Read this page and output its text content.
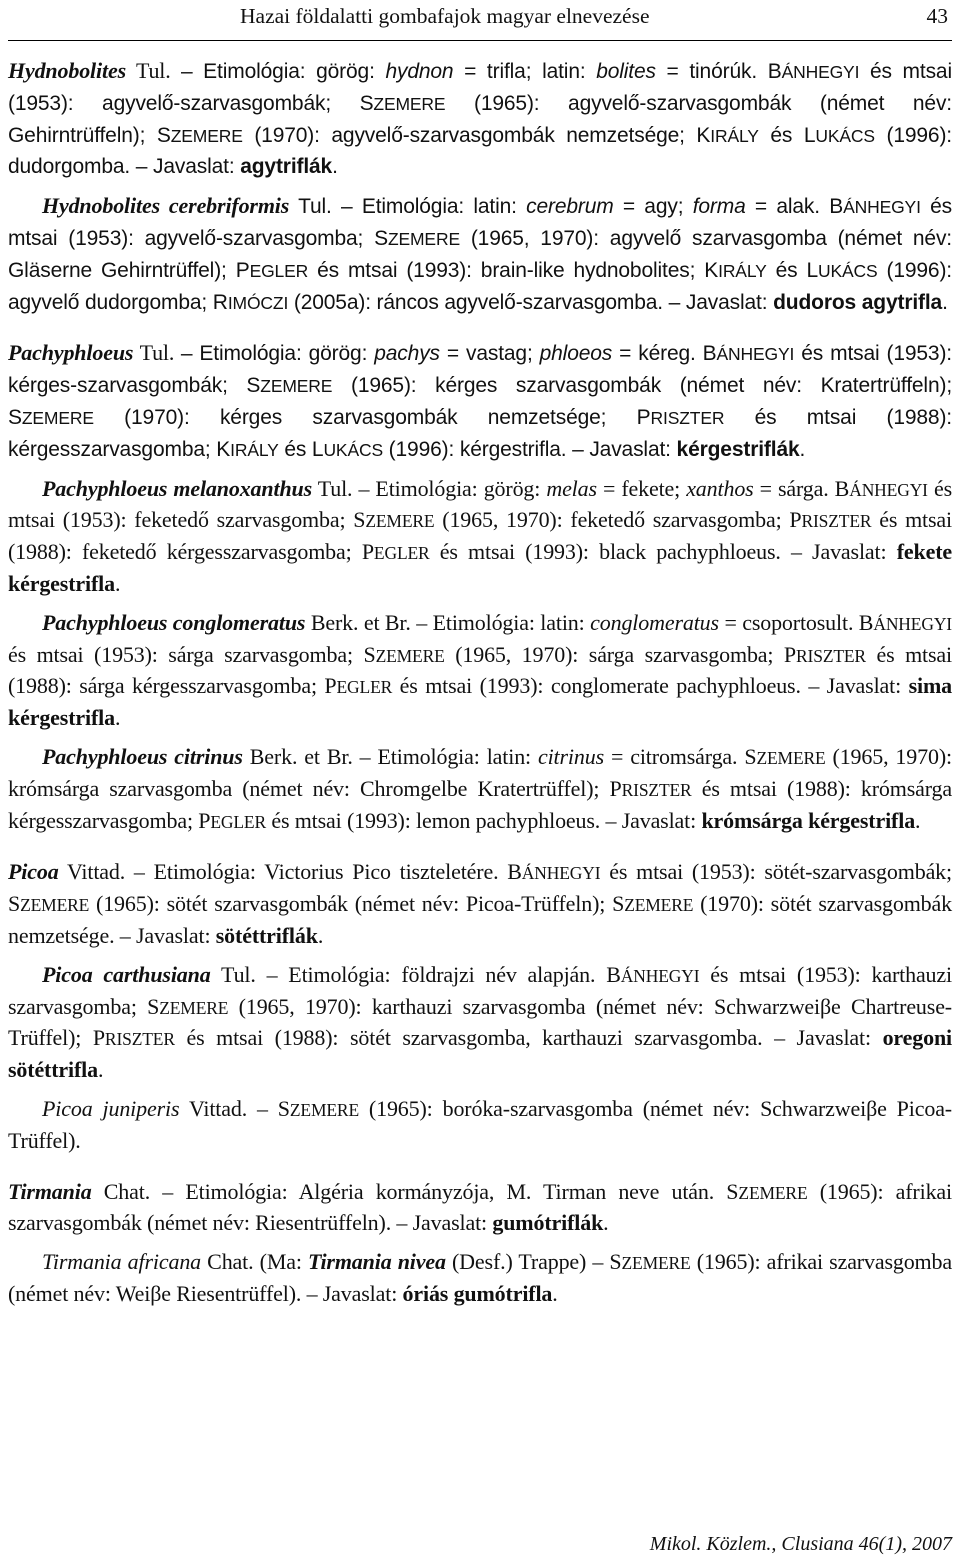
Hazai földalatti gombafajok magyar elnevezése	43

Hydnobolites Tul. – Etimológia: görög: hydnon = trifla; latin: bolites = tinórúk. BÁNHEGYI és mtsai (1953): agyvelő-szarvasgombák; SZEMERE (1965): agyvelő-szarvasgombák (német név: Gehirntrüffeln); SZEMERE (1970): agyvelő-szarvasgombák nemzetsége; KIRÁLY és LUKÁCS (1996): dudorgomba. – Javaslat: agytriflák.

Hydnobolites cerebriformis Tul. – Etimológia: latin: cerebrum = agy; forma = alak. BÁNHEGYI és mtsai (1953): agyvelő-szarvasgomba; SZEMERE (1965, 1970): agyvelő szarvasgomba (német név: Gläserne Gehirntrüffel); PEGLER és mtsai (1993): brain-like hydnobolites; KIRÁLY és LUKÁCS (1996): agyvelő dudorgomba; RIMÓCZI (2005a): ráncos agyvelő-szarvasgomba. – Javaslat: dudoros agytrifla.

Pachyphloeus Tul. – Etimológia: görög: pachys = vastag; phloeos = kéreg. BÁNHEGYI és mtsai (1953): kérges-szarvasgombák; SZEMERE (1965): kérges szarvasgombák (német név: Kratertrüffeln); SZEMERE (1970): kérges szarvasgombák nemzetsége; PRISZTER és mtsai (1988): kérgesszarvasgomba; KIRÁLY és LUKÁCS (1996): kérgestrifla. – Javaslat: kérgestriflák.

Pachyphloeus melanoxanthus Tul. – Etimológia: görög: melas = fekete; xanthos = sárga. BÁNHEGYI és mtsai (1953): feketedő szarvasgomba; SZEMERE (1965, 1970): feketedő szarvasgomba; PRISZTER és mtsai (1988): feketedő kérgesszarvasgomba; PEGLER és mtsai (1993): black pachyphloeus. – Javaslat: fekete kérgestrifla.

Pachyphloeus conglomeratus Berk. et Br. – Etimológia: latin: conglomeratus = csoportosult. BÁNHEGYI és mtsai (1953): sárga szarvasgomba; SZEMERE (1965, 1970): sárga szarvasgomba; PRISZTER és mtsai (1988): sárga kérgesszarvasgomba; PEGLER és mtsai (1993): conglomerate pachyphloeus. – Javaslat: sima kérgestrifla.

Pachyphloeus citrinus Berk. et Br. – Etimológia: latin: citrinus = citromsárga. SZEMERE (1965, 1970): krómsárga szarvasgomba (német név: Chromgelbe Kratertrüffel); PRISZTER és mtsai (1988): krómsárga kérgesszarvasgomba; PEGLER és mtsai (1993): lemon pachyphloeus. – Javaslat: krómsárga kérgestrifla.

Picoa Vittad. – Etimológia: Victorius Pico tiszteletére. BÁNHEGYI és mtsai (1953): sötét-szarvasgombák; SZEMERE (1965): sötét szarvasgombák (német név: Picoa-Trüffeln); SZEMERE (1970): sötét szarvasgombák nemzetsége. – Javaslat: sötéttriflák.

Picoa carthusiana Tul. – Etimológia: földrajzi név alapján. BÁNHEGYI és mtsai (1953): karthauzi szarvasgomba; SZEMERE (1965, 1970): karthauzi szarvasgomba (német név: Schwarzweiβe Chartreuse-Trüffel); PRISZTER és mtsai (1988): sötét szarvasgomba, karthauzi szarvasgomba. – Javaslat: oregoni sötéttrifla.

Picoa juniperis Vittad. – SZEMERE (1965): boróka-szarvasgomba (német név: Schwarzweiβe Picoa-Trüffel).

Tirmania Chat. – Etimológia: Algéria kormányzója, M. Tirman neve után. SZEMERE (1965): afrikai szarvasgombák (német név: Riesentrüffeln). – Javaslat: gumótriflák.

Tirmania africana Chat. (Ma: Tirmania nivea (Desf.) Trappe) – SZEMERE (1965): afrikai szarvasgomba (német név: Weiβe Riesentrüffel). – Javaslat: óriás gumótrifla.

Mikol. Közlem., Clusiana 46(1), 2007
